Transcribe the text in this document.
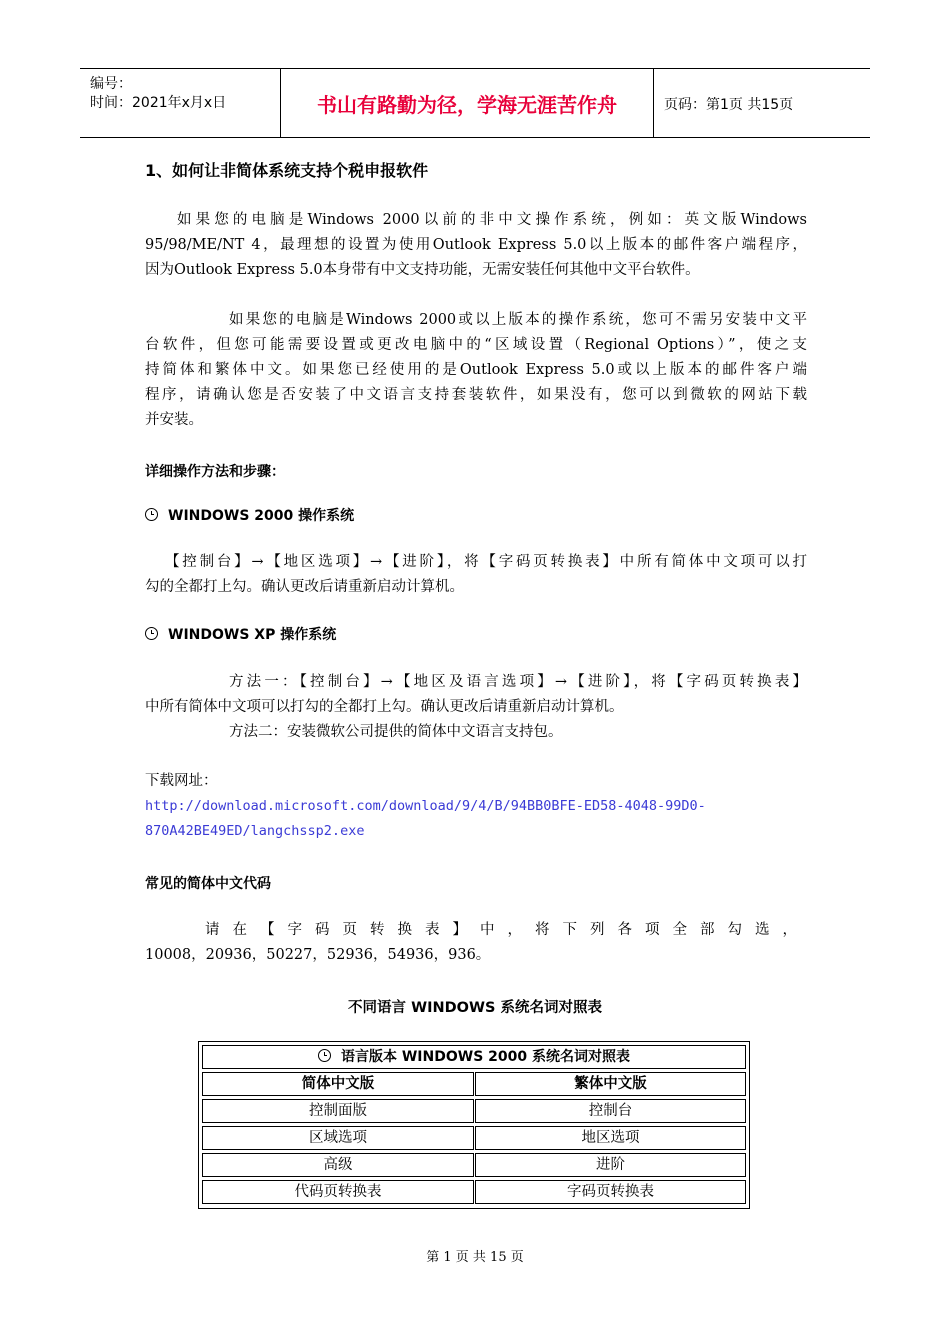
编号：
时间：2021年x月x日	书山有路勤为径，学海无涯苦作舟	页码：第1页 共15页
1、如何让非简体系统支持个税申报软件
如果您的电脑是Windows 2000以前的非中文操作系统，例如：英文版Windows
95/98/ME/NT 4，最理想的设置为使用Outlook Express 5.0以上版本的邮件客户端程序，
因为Outlook Express 5.0本身带有中文支持功能，无需安装任何其他中文平台软件。
如果您的电脑是Windows 2000或以上版本的操作系统，您可不需另安装中文平
台软件，但您可能需要设置或更改电脑中的“区域设置（Regional Options）”，使之支
持简体和繁体中文。如果您已经使用的是Outlook Express 5.0或以上版本的邮件客户端
程序，请确认您是否安装了中文语言支持套装软件，如果没有，您可以到微软的网站下载
并安装。
详细操作方法和步骤：
WINDOWS 2000 操作系统
【控制台】→【地区选项】→【进阶】，将【字码页转换表】中所有简体中文项可以打
勾的全都打上勾。确认更改后请重新启动计算机。
WINDOWS XP 操作系统
方法一：【控制台】→【地区及语言选项】→【进阶】，将【字码页转换表】
中所有简体中文项可以打勾的全都打上勾。确认更改后请重新启动计算机。
方法二：安装微软公司提供的简体中文语言支持包。
下载网址：
http://download.microsoft.com/download/9/4/B/94BB0BFE-ED58-4048-99D0-
870A42BE49ED/langchssp2.exe
常见的简体中文代码
请在【字码页转换表】中，将下列各项全部勾选，
10008，20936，50227，52936，54936，936。
不同语言 WINDOWS 系统名词对照表
语言版本 WINDOWS 2000 系统名词对照表
简体中文版	繁体中文版
控制面版	控制台
区域选项	地区选项
高级	进阶
代码页转换表	字码页转换表
第 1 页 共 15 页
